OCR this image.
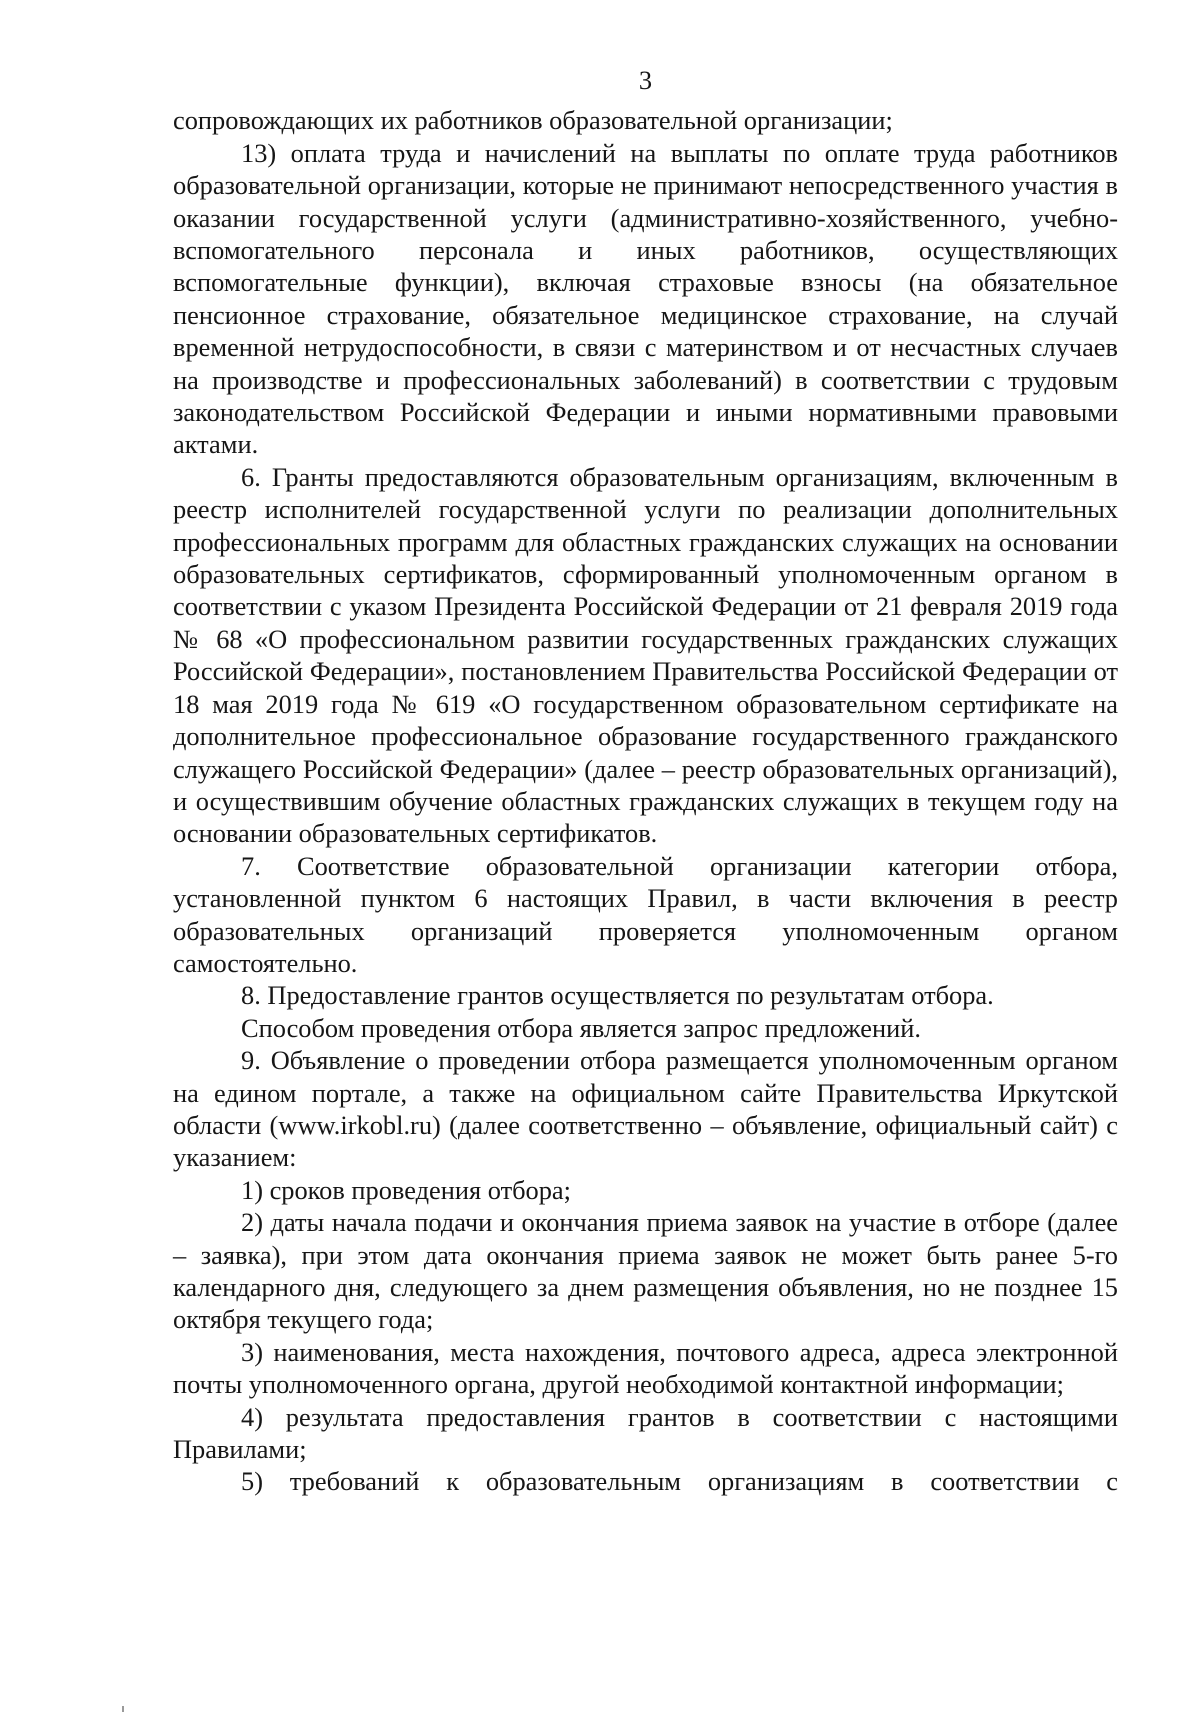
3

сопровождающих их работников образовательной организации;

13) оплата труда и начислений на выплаты по оплате труда работников образовательной организации, которые не принимают непосредственного участия в оказании государственной услуги (административно-хозяйственного, учебно-вспомогательного персонала и иных работников, осуществляющих вспомогательные функции), включая страховые взносы (на обязательное пенсионное страхование, обязательное медицинское страхование, на случай временной нетрудоспособности, в связи с материнством и от несчастных случаев на производстве и профессиональных заболеваний) в соответствии с трудовым законодательством Российской Федерации и иными нормативными правовыми актами.

6. Гранты предоставляются образовательным организациям, включенным в реестр исполнителей государственной услуги по реализации дополнительных профессиональных программ для областных гражданских служащих на основании образовательных сертификатов, сформированный уполномоченным органом в соответствии с указом Президента Российской Федерации от 21 февраля 2019 года № 68 «О профессиональном развитии государственных гражданских служащих Российской Федерации», постановлением Правительства Российской Федерации от 18 мая 2019 года № 619 «О государственном образовательном сертификате на дополнительное профессиональное образование государственного гражданского служащего Российской Федерации» (далее – реестр образовательных организаций), и осуществившим обучение областных гражданских служащих в текущем году на основании образовательных сертификатов.

7. Соответствие образовательной организации категории отбора, установленной пунктом 6 настоящих Правил, в части включения в реестр образовательных организаций проверяется уполномоченным органом самостоятельно.

8. Предоставление грантов осуществляется по результатам отбора.

Способом проведения отбора является запрос предложений.

9. Объявление о проведении отбора размещается уполномоченным органом на едином портале, а также на официальном сайте Правительства Иркутской области (www.irkobl.ru) (далее соответственно – объявление, официальный сайт) с указанием:

1) сроков проведения отбора;

2) даты начала подачи и окончания приема заявок на участие в отборе (далее – заявка), при этом дата окончания приема заявок не может быть ранее 5-го календарного дня, следующего за днем размещения объявления, но не позднее 15 октября текущего года;

3) наименования, места нахождения, почтового адреса, адреса электронной почты уполномоченного органа, другой необходимой контактной информации;

4) результата предоставления грантов в соответствии с настоящими Правилами;

5) требований к образовательным организациям в соответствии с
